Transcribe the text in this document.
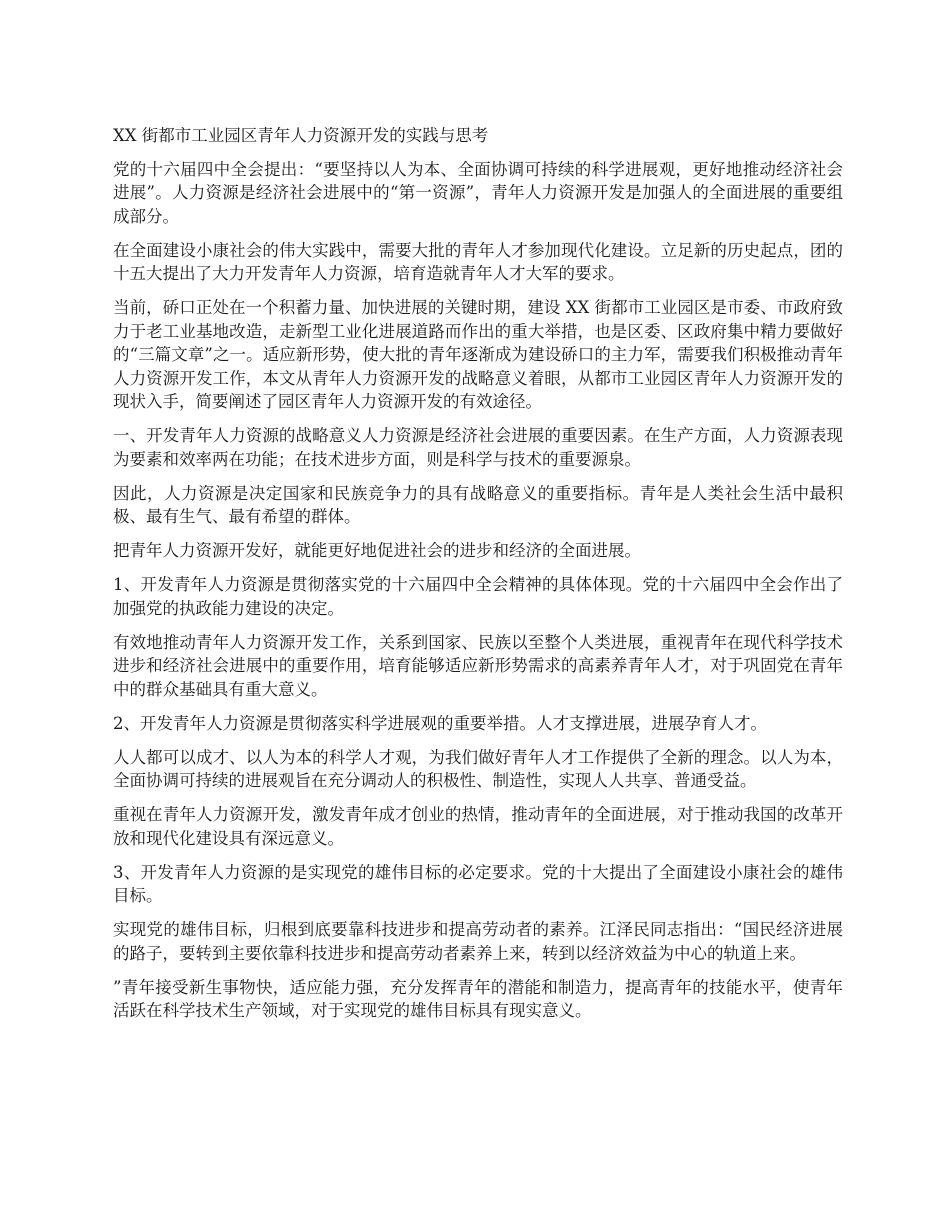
XX 街都市工业园区青年人力资源开发的实践与思考

党的十六届四中全会提出：“要坚持以人为本、全面协调可持续的科学进展观，更好地推动经济社会进展”。人力资源是经济社会进展中的“第一资源”，青年人力资源开发是加强人的全面进展的重要组成部分。

在全面建设小康社会的伟大实践中，需要大批的青年人才参加现代化建设。立足新的历史起点，团的十五大提出了大力开发青年人力资源，培育造就青年人才大军的要求。

当前，硚口正处在一个积蓄力量、加快进展的关键时期，建设 XX 街都市工业园区是市委、市政府致力于老工业基地改造，走新型工业化进展道路而作出的重大举措，也是区委、区政府集中精力要做好的“三篇文章”之一。适应新形势，使大批的青年逐渐成为建设硚口的主力军，需要我们积极推动青年人力资源开发工作，本文从青年人力资源开发的战略意义着眼，从都市工业园区青年人力资源开发的现状入手，简要阐述了园区青年人力资源开发的有效途径。

一、开发青年人力资源的战略意义人力资源是经济社会进展的重要因素。在生产方面，人力资源表现为要素和效率两在功能；在技术进步方面，则是科学与技术的重要源泉。

因此，人力资源是决定国家和民族竞争力的具有战略意义的重要指标。青年是人类社会生活中最积极、最有生气、最有希望的群体。

把青年人力资源开发好，就能更好地促进社会的进步和经济的全面进展。

1、开发青年人力资源是贯彻落实党的十六届四中全会精神的具体体现。党的十六届四中全会作出了加强党的执政能力建设的决定。

有效地推动青年人力资源开发工作，关系到国家、民族以至整个人类进展，重视青年在现代科学技术进步和经济社会进展中的重要作用，培育能够适应新形势需求的高素养青年人才，对于巩固党在青年中的群众基础具有重大意义。

2、开发青年人力资源是贯彻落实科学进展观的重要举措。人才支撑进展，进展孕育人才。

人人都可以成才、以人为本的科学人才观，为我们做好青年人才工作提供了全新的理念。以人为本，全面协调可持续的进展观旨在充分调动人的积极性、制造性，实现人人共享、普通受益。

重视在青年人力资源开发，激发青年成才创业的热情，推动青年的全面进展，对于推动我国的改革开放和现代化建设具有深远意义。

3、开发青年人力资源的是实现党的雄伟目标的必定要求。党的十大提出了全面建设小康社会的雄伟目标。

实现党的雄伟目标，归根到底要靠科技进步和提高劳动者的素养。江泽民同志指出：“国民经济进展的路子，要转到主要依靠科技进步和提高劳动者素养上来，转到以经济效益为中心的轨道上来。

”青年接受新生事物快，适应能力强，充分发挥青年的潜能和制造力，提高青年的技能水平，使青年活跃在科学技术生产领域，对于实现党的雄伟目标具有现实意义。
